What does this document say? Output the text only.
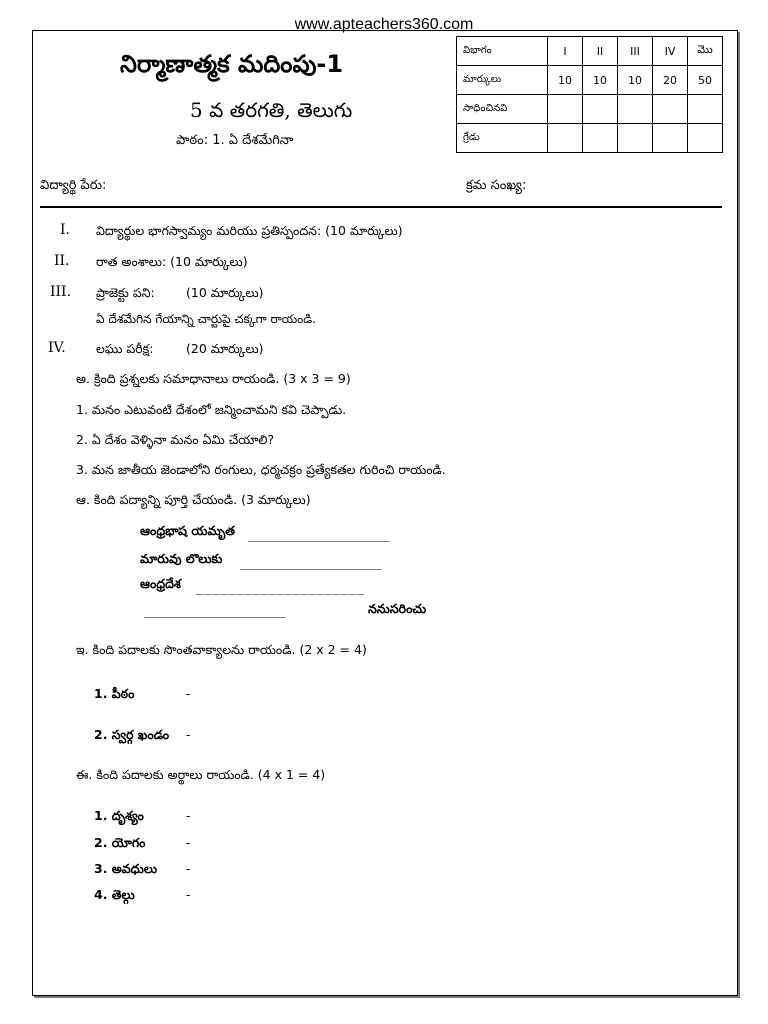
www.apteachers360.com
నిర్మాణాత్మక మదింపు-1
5 వ తరగతి, తెలుగు
పాఠం: 1. ఏ దేశమేగినా
విభాగం	I	II	III	IV	మొ
మార్కులు	10	10	10	20	50
సాధించినవి					
గ్రేడు					
విద్యార్థి పేరు:	క్రమ సంఖ్య:
I. విద్యార్థుల భాగస్వామ్యం మరియు ప్రతిస్పందన: (10 మార్కులు)
II. రాత అంశాలు: (10 మార్కులు)
III. ప్రాజెక్టు పని:	(10 మార్కులు)
ఏ దేశమేగిన గేయాన్ని చార్టుపై చక్కగా రాయండి.
IV. లఘు పరీక్ష:	(20 మార్కులు)
అ. క్రింది ప్రశ్నలకు సమాధానాలు రాయండి. (3 x 3 = 9)
1. మనం ఎటువంటి దేశంలో జన్మించామని కవి చెప్పాడు.
2. ఏ దేశం వెళ్ళినా మనం ఏమి చేయాలి?
3. మన జాతీయ జెండాలోని రంగులు, ధర్మచక్రం ప్రత్యేకతల గురించి రాయండి.
ఆ. కింది పద్యాన్ని పూర్తి చేయండి. (3 మార్కులు)
ఆంధ్రభాష యమృత _____________________
మారువు లొలుకు _____________________
ఆంధ్రదేశ _____________________
_____________________	ననుసరించు
ఇ. కింది పదాలకు సొంతవాక్యాలను రాయండి. (2 x 2 = 4)
1. పీఠం	-
2. స్వర్గ ఖండం -
ఈ. కింది పదాలకు అర్థాలు రాయండి. (4 x 1 = 4)
1. దృశ్యం	-
2. యోగం	-
3. అవధులు -
4. తెల్గు	-
